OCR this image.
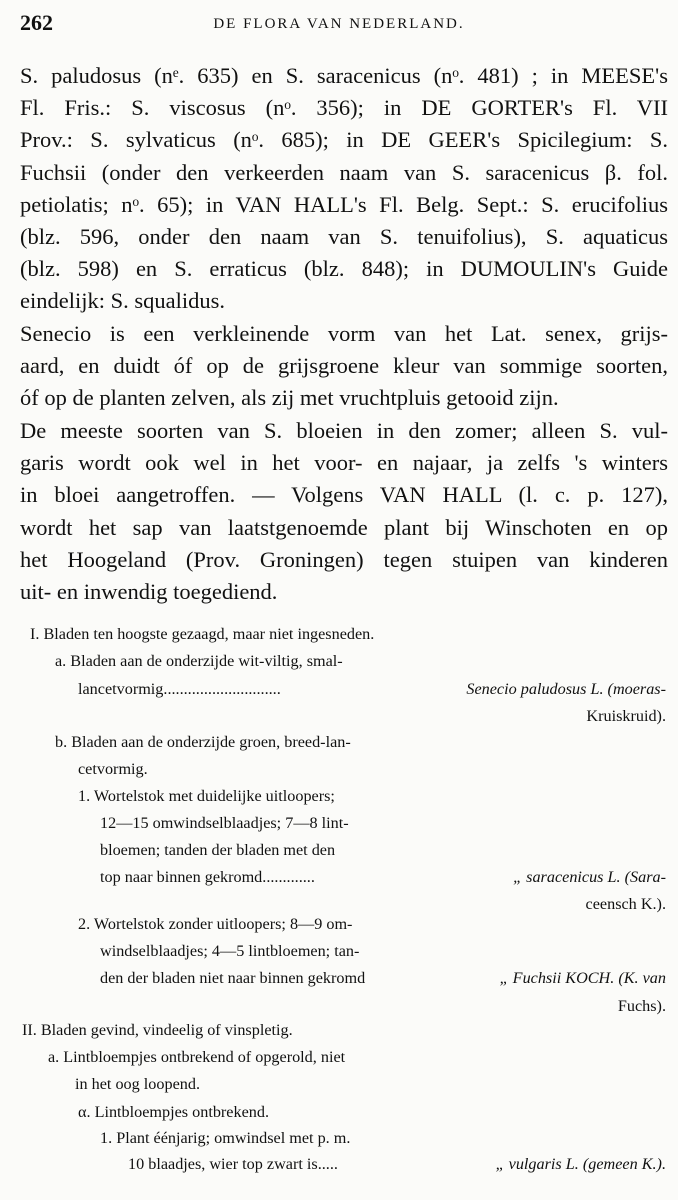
262	DE FLORA VAN NEDERLAND.
S. paludosus (nᵉ. 635) en S. saracenicus (nᵒ. 481) ; in MEESE's
Fl. Fris.: S. viscosus (nᵒ. 356); in DE GORTER's Fl. VII
Prov.: S. sylvaticus (nᵒ. 685); in DE GEER's Spicilegium: S.
Fuchsii (onder den verkeerden naam van S. saracenicus β. fol.
petiolatis; nᵒ. 65); in VAN HALL's Fl. Belg. Sept.: S. erucifolius
(blz. 596, onder den naam van S. tenuifolius), S. aquaticus
(blz. 598) en S. erraticus (blz. 848); in DUMOULIN's Guide
eindelijk: S. squalidus.
Senecio is een verkleinende vorm van het Lat. senex, grijs-
aard, en duidt óf op de grijsgroene kleur van sommige soorten,
óf op de planten zelven, als zij met vruchtpluis getooid zijn.
De meeste soorten van S. bloeien in den zomer; alleen S. vul-
garis wordt ook wel in het voor- en najaar, ja zelfs 's winters
in bloei aangetroffen. — Volgens VAN HALL (l. c. p. 127),
wordt het sap van laatstgenoemde plant bij Winschoten en op
het Hoogeland (Prov. Groningen) tegen stuipen van kinderen
uit- en inwendig toegediend.
I. Bladen ten hoogste gezaagd, maar niet ingesneden.
a. Bladen aan de onderzijde wit-viltig, smal-
lancetvormig.............................	Senecio paludosus L. (moeras-
Kruiskruid).
b. Bladen aan de onderzijde groen, breed-lan-
cetvormig.
1. Wortelstok met duidelijke uitloopers;
12—15 omwindselblaadjes; 7—8 lint-
bloemen; tanden der bladen met den
top naar binnen gekromd.............	„ saracenicus L. (Sara-
ceensch K.).
2. Wortelstok zonder uitloopers; 8—9 om-
windselblaadjes; 4—5 lintbloemen; tan-
den der bladen niet naar binnen gekromd	„ Fuchsii KOCH. (K. van
Fuchs).
II. Bladen gevind, vindeelig of vinspletig.
a. Lintbloempjes ontbrekend of opgerold, niet
in het oog loopend.
α. Lintbloempjes ontbrekend.
1. Plant éénjarig; omwindsel met p. m.
10 blaadjes, wier top zwart is.....	„ vulgaris L. (gemeen K.).
